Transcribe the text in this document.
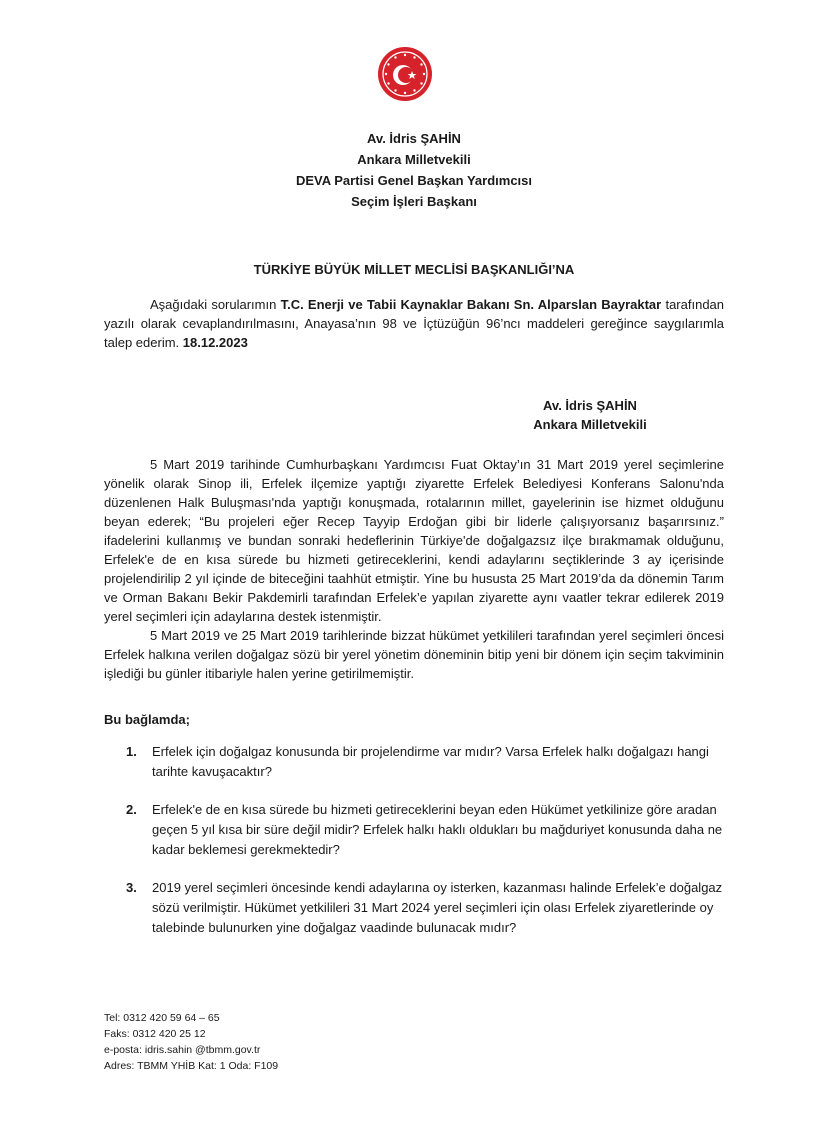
Av. İdris ŞAHİN
Ankara Milletvekili
DEVA Partisi Genel Başkan Yardımcısı
Seçim İşleri Başkanı
TÜRKİYE BÜYÜK MİLLET MECLİSİ BAŞKANLIĞI’NA

Aşağıdaki sorularımın T.C. Enerji ve Tabii Kaynaklar Bakanı Sn. Alparslan Bayraktar tarafından yazılı olarak cevaplandırılmasını, Anayasa’nın 98 ve İçtüzüğün 96’ncı maddeleri gereğince saygılarımla talep ederim. 18.12.2023

Av. İdris ŞAHİN
Ankara Milletvekili

5 Mart 2019 tarihinde Cumhurbaşkanı Yardımcısı Fuat Oktay’ın 31 Mart 2019 yerel seçimlerine yönelik olarak Sinop ili, Erfelek ilçemize yaptığı ziyarette Erfelek Belediyesi Konferans Salonu'nda düzenlenen Halk Buluşması'nda yaptığı konuşmada, rotalarının millet, gayelerinin ise hizmet olduğunu beyan ederek; “Bu projeleri eğer Recep Tayyip Erdoğan gibi bir liderle çalışıyorsanız başarırsınız.” ifadelerini kullanmış ve bundan sonraki hedeflerinin Türkiye'de doğalgazsız ilçe bırakmamak olduğunu, Erfelek'e de en kısa sürede bu hizmeti getireceklerini, kendi adaylarını seçtiklerinde 3 ay içerisinde projelendirilip 2 yıl içinde de biteceğini taahhüt etmiştir. Yine bu hususta 25 Mart 2019’da da dönemin Tarım ve Orman Bakanı Bekir Pakdemirli tarafından Erfelek’e yapılan ziyarette aynı vaatler tekrar edilerek 2019 yerel seçimleri için adaylarına destek istenmiştir.

5 Mart 2019 ve 25 Mart 2019 tarihlerinde bizzat hükümet yetkilileri tarafından yerel seçimleri öncesi Erfelek halkına verilen doğalgaz sözü bir yerel yönetim döneminin bitip yeni bir dönem için seçim takviminin işlediği bu günler itibariyle halen yerine getirilmemiştir.

Bu bağlamda;
1.	Erfelek için doğalgaz konusunda bir projelendirme var mıdır? Varsa Erfelek halkı doğalgazı hangi tarihte kavuşacaktır?
2.	Erfelek'e de en kısa sürede bu hizmeti getireceklerini beyan eden Hükümet yetkilinize göre aradan geçen 5 yıl kısa bir süre değil midir? Erfelek halkı haklı oldukları bu mağduriyet konusunda daha ne kadar beklemesi gerekmektedir?
3.	2019 yerel seçimleri öncesinde kendi adaylarına oy isterken, kazanması halinde Erfelek’e doğalgaz sözü verilmiştir. Hükümet yetkilileri 31 Mart 2024 yerel seçimleri için olası Erfelek ziyaretlerinde oy talebinde bulunurken yine doğalgaz vaadinde bulunacak mıdır?
Tel: 0312 420 59 64 – 65
Faks: 0312 420 25 12
e-posta: idris.sahin @tbmm.gov.tr
Adres: TBMM YHİB Kat: 1 Oda: F109
